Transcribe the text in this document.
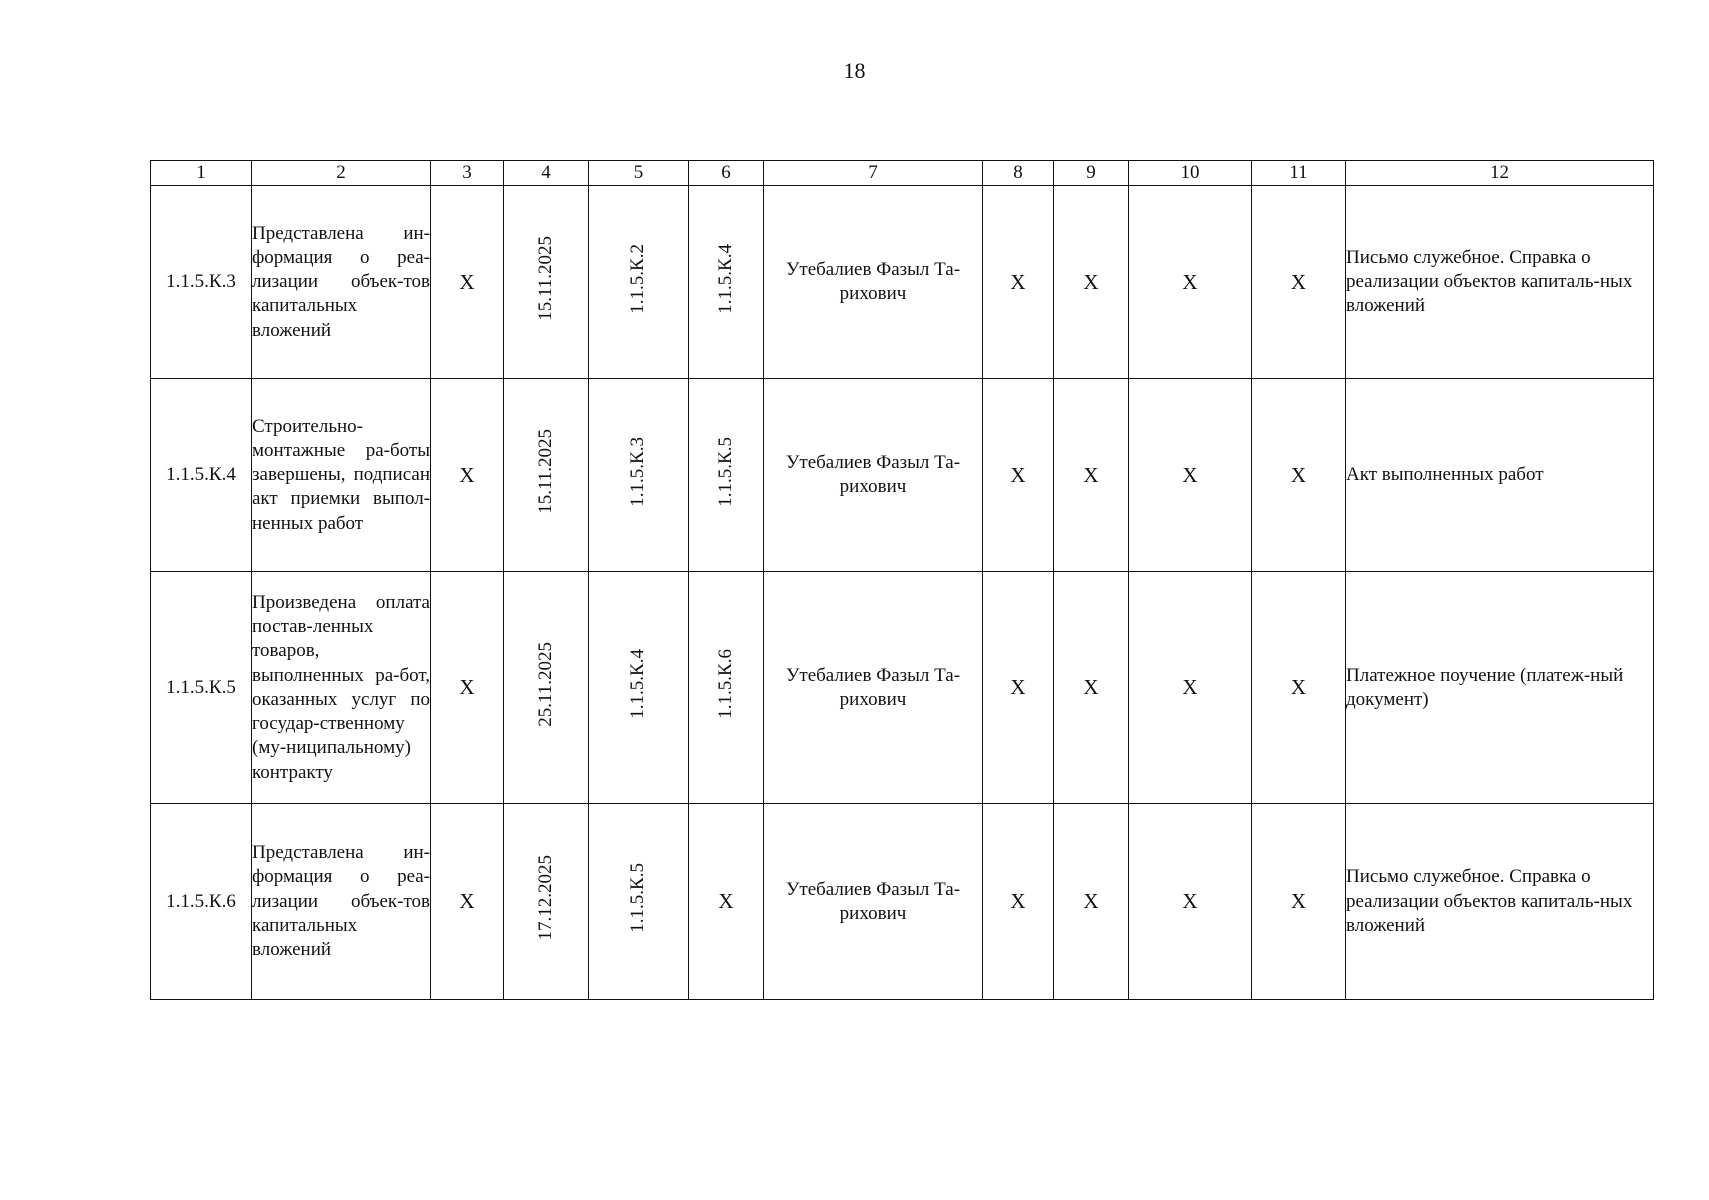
18
1	2	3	4	5	6	7	8	9	10	11	12
1.1.5.К.3	Представлена ин-формация о реа-лизации объек-тов капитальных вложений	X	15.11.2025	1.1.5.К.2	1.1.5.К.4	Утебалиев Фазыл Та-рихович	X	X	X	X	Письмо служебное. Справка о реализации объектов капиталь-ных вложений
1.1.5.К.4	Строительно-монтажные ра-боты завершены, подписан акт приемки выпол-ненных работ	X	15.11.2025	1.1.5.К.3	1.1.5.К.5	Утебалиев Фазыл Та-рихович	X	X	X	X	Акт выполненных работ
1.1.5.К.5	Произведена оплата постав-ленных товаров, выполненных ра-бот, оказанных услуг по государ-ственному (му-ниципальному) контракту	X	25.11.2025	1.1.5.К.4	1.1.5.К.6	Утебалиев Фазыл Та-рихович	X	X	X	X	Платежное поучение (платеж-ный документ)
1.1.5.К.6	Представлена ин-формация о реа-лизации объек-тов капитальных вложений	X	17.12.2025	1.1.5.К.5	X	Утебалиев Фазыл Та-рихович	X	X	X	X	Письмо служебное. Справка о реализации объектов капиталь-ных вложений
